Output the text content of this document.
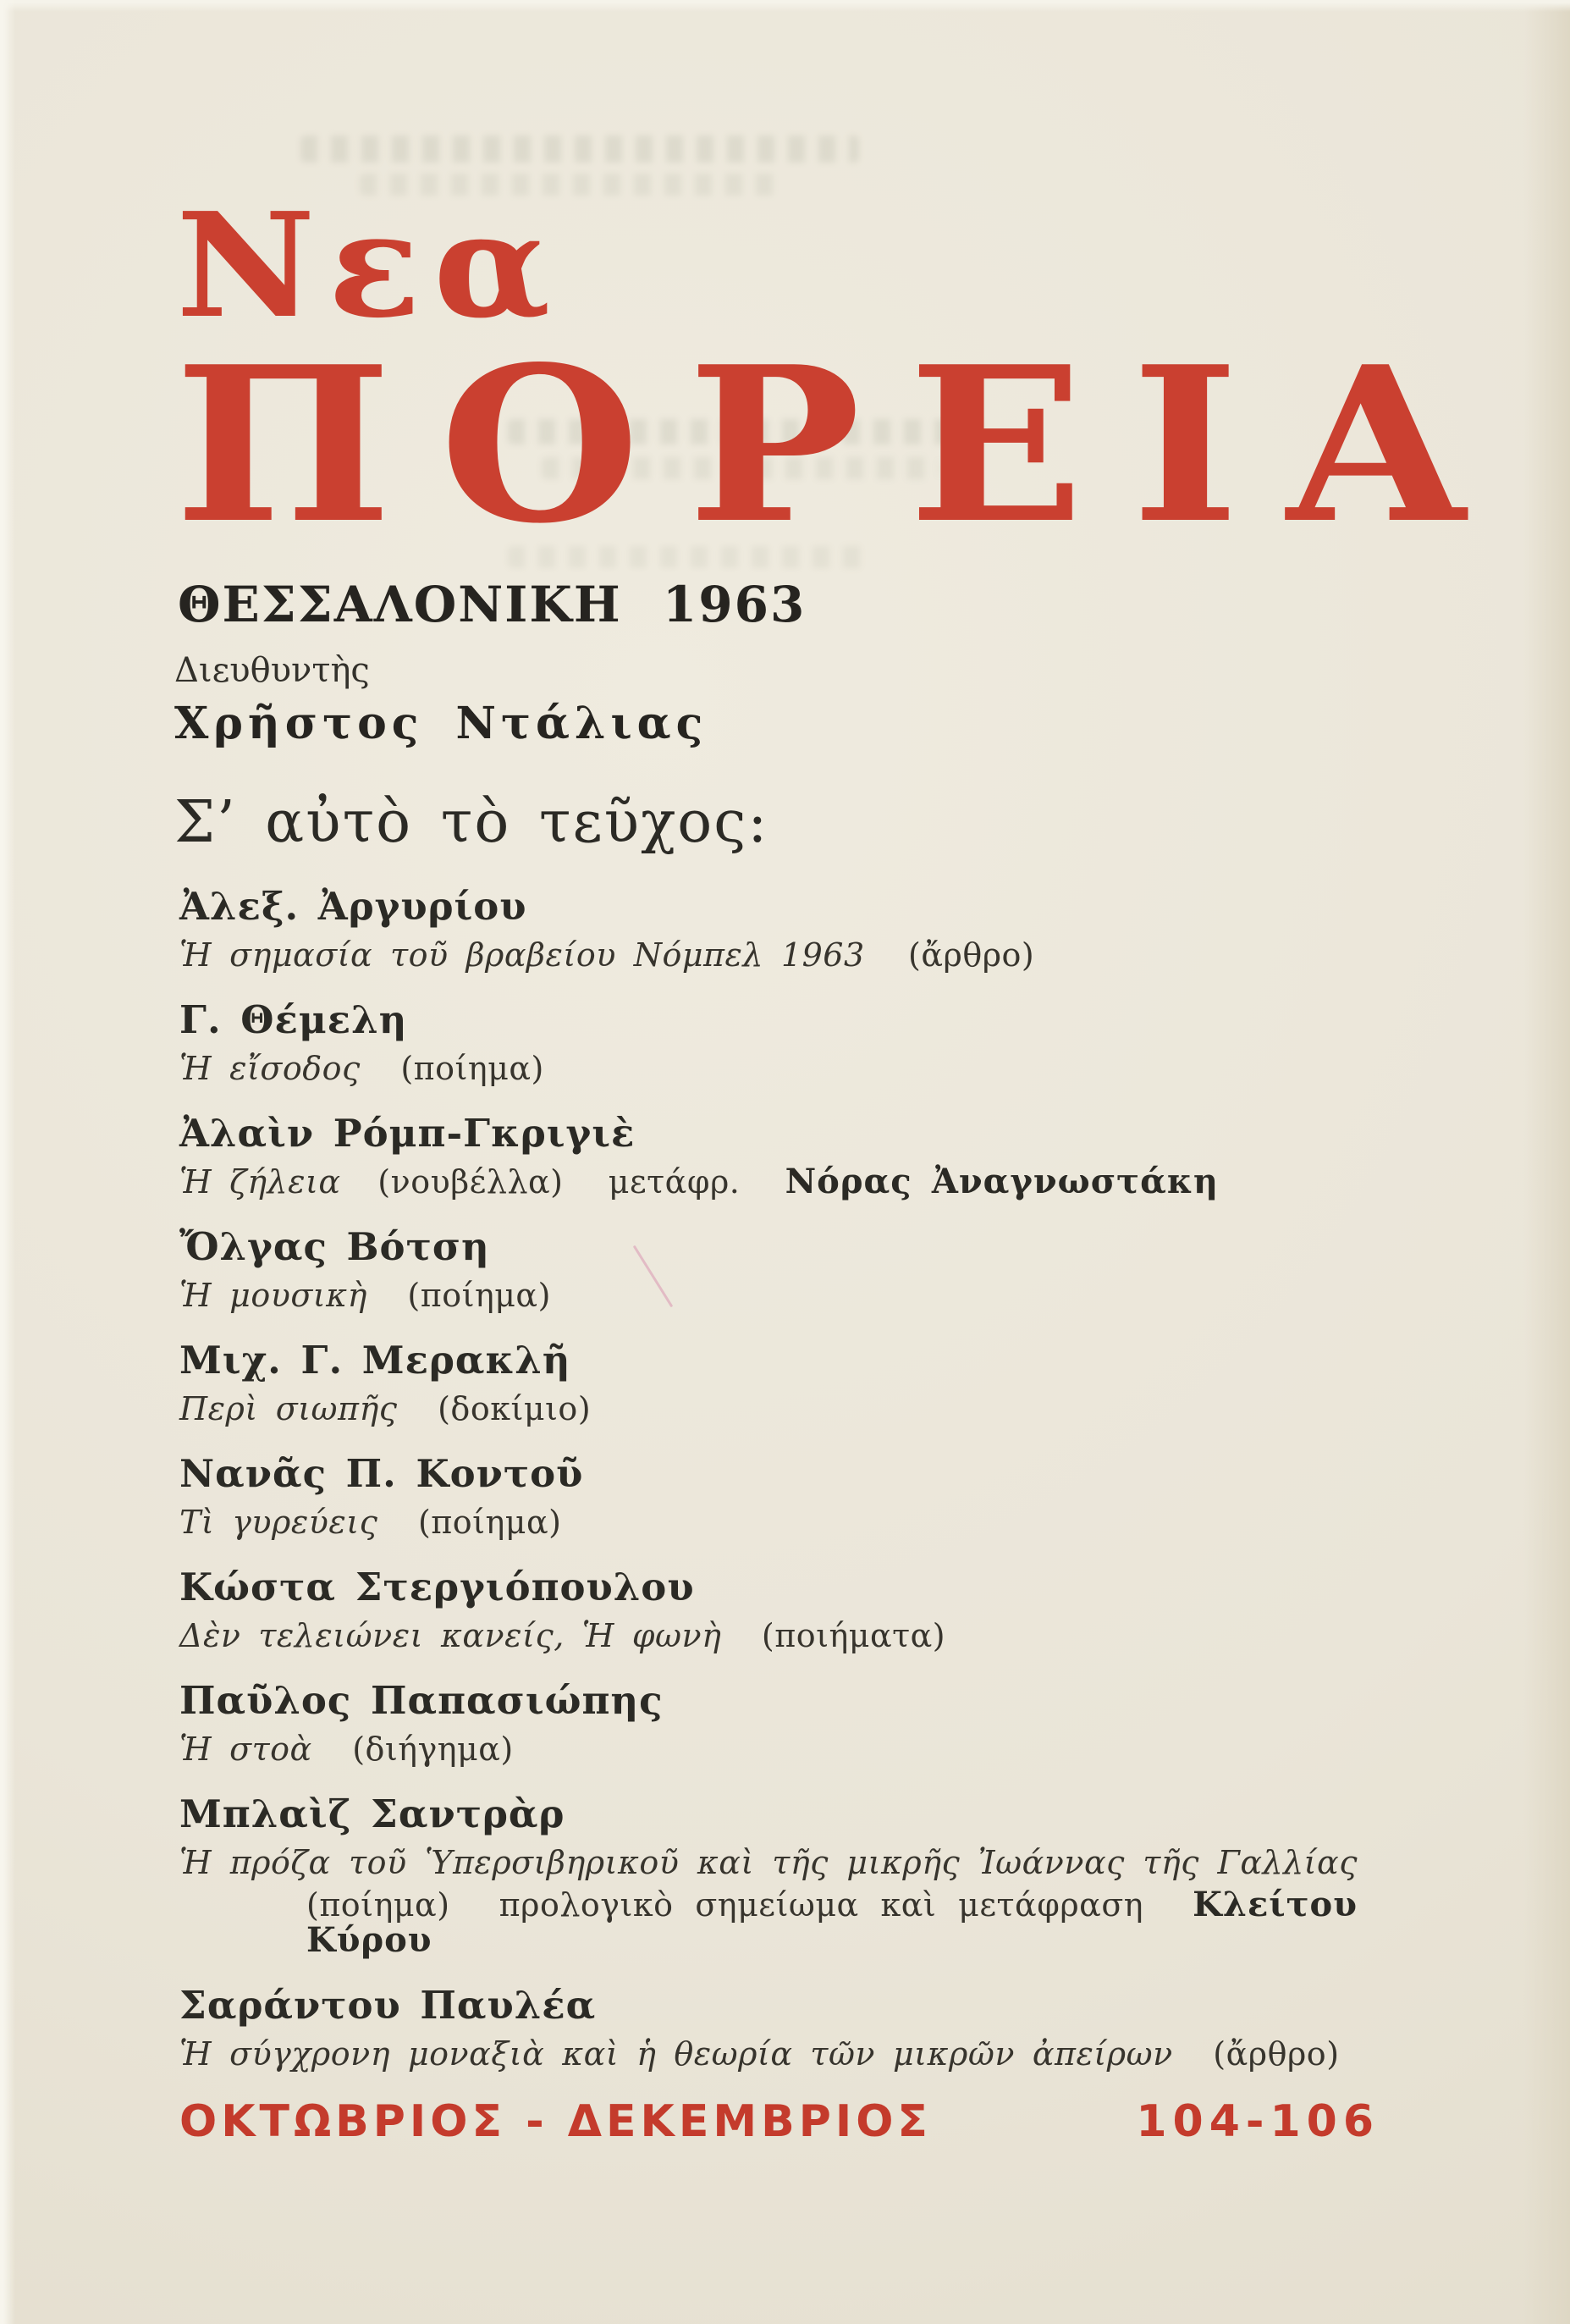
Νεα
ΠΟΡΕΙΑ
ΘΕΣΣΑΛΟΝΙΚΗ 1963
Διευθυντὴς
Χρῆστος Ντάλιας
Σ’ αὐτὸ τὸ τεῦχος:
Ἀλεξ. Ἀργυρίου
Ἡ σημασία τοῦ βραβείου Νόμπελ 1963 (ἄρθρο)
Γ. Θέμελη
Ἡ εἴσοδος (ποίημα)
Ἀλαὶν Ρόμπ-Γκριγιὲ
Ἡ ζήλεια (νουβέλλα) μετάφρ. Νόρας Ἀναγνωστάκη
Ὄλγας Βότση
Ἡ μουσικὴ (ποίημα)
Μιχ. Γ. Μερακλῆ
Περὶ σιωπῆς (δοκίμιο)
Νανᾶς Π. Κοντοῦ
Τὶ γυρεύεις (ποίημα)
Κώστα Στεργιόπουλου
Δὲν τελειώνει κανείς, Ἡ φωνὴ (ποιήματα)
Παῦλος Παπασιώπης
Ἡ στοὰ (διήγημα)
Μπλαὶζ Σαντρὰρ
Ἡ πρόζα τοῦ Ὑπερσιβηρικοῦ καὶ τῆς μικρῆς Ἰωάννας τῆς Γαλλίας
(ποίημα) προλογικὸ σημείωμα καὶ μετάφραση Κλείτου Κύρου
Σαράντου Παυλέα
Ἡ σύγχρονη μοναξιὰ καὶ ἡ θεωρία τῶν μικρῶν ἀπείρων (ἄρθρο)
ΟΚΤΩΒΡΙΟΣ - ΔΕΚΕΜΒΡΙΟΣ	104-106
